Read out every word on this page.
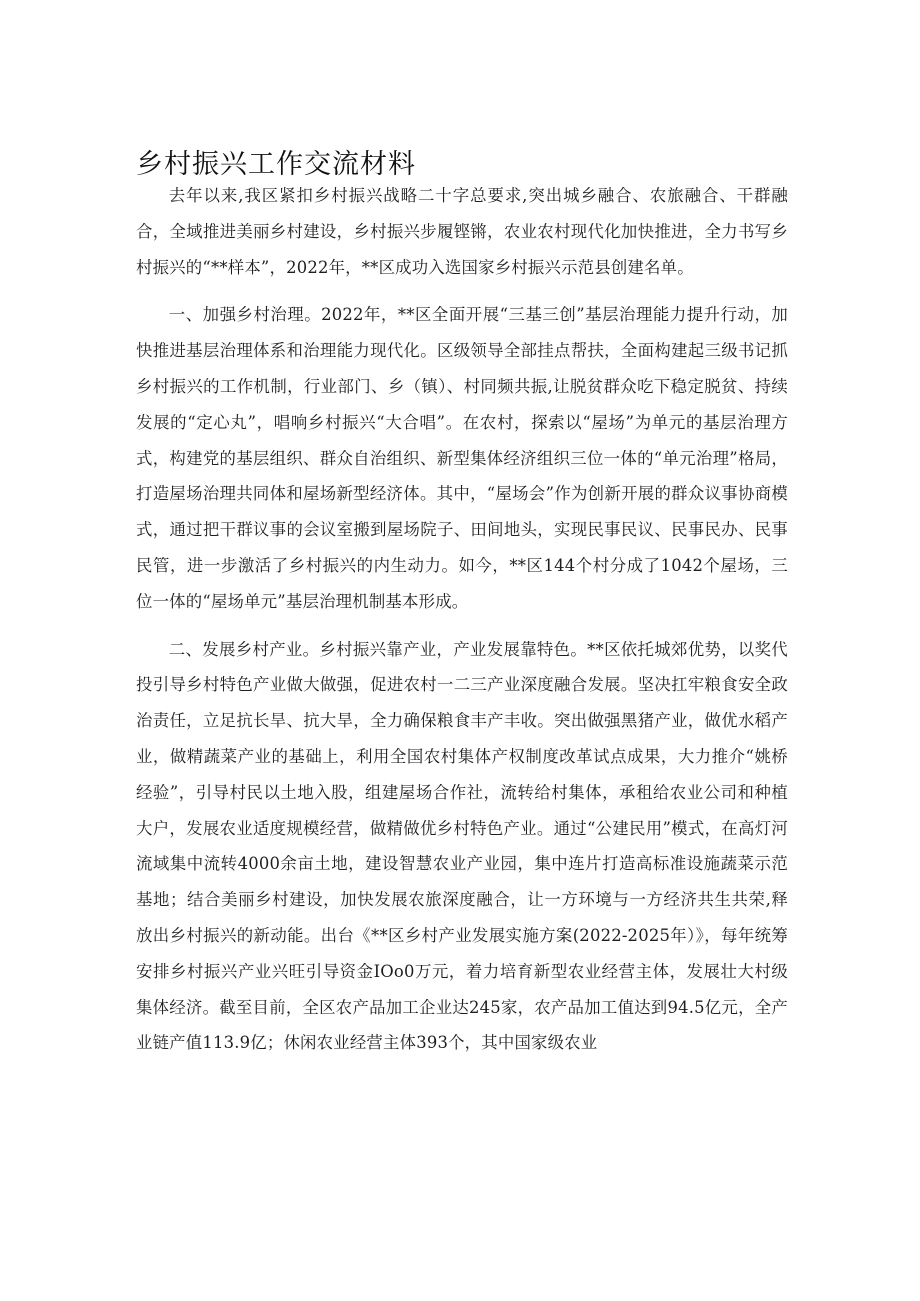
乡村振兴工作交流材料

去年以来,我区紧扣乡村振兴战略二十字总要求,突出城乡融合、农旅融合、干群融合，全域推进美丽乡村建设，乡村振兴步履铿锵，农业农村现代化加快推进，全力书写乡村振兴的“**样本”，2022年，**区成功入选国家乡村振兴示范县创建名单。

一、加强乡村治理。2022年，**区全面开展“三基三创”基层治理能力提升行动，加快推进基层治理体系和治理能力现代化。区级领导全部挂点帮扶，全面构建起三级书记抓乡村振兴的工作机制，行业部门、乡（镇）、村同频共振,让脱贫群众吃下稳定脱贫、持续发展的“定心丸”，唱响乡村振兴“大合唱”。在农村，探索以“屋场”为单元的基层治理方式，构建党的基层组织、群众自治组织、新型集体经济组织三位一体的“单元治理”格局，打造屋场治理共同体和屋场新型经济体。其中，“屋场会”作为创新开展的群众议事协商模式，通过把干群议事的会议室搬到屋场院子、田间地头，实现民事民议、民事民办、民事民管，进一步激活了乡村振兴的内生动力。如今，**区144个村分成了1042个屋场，三位一体的“屋场单元”基层治理机制基本形成。

二、发展乡村产业。乡村振兴靠产业，产业发展靠特色。**区依托城郊优势，以奖代投引导乡村特色产业做大做强，促进农村一二三产业深度融合发展。坚决扛牢粮食安全政治责任，立足抗长旱、抗大旱，全力确保粮食丰产丰收。突出做强黑猪产业，做优水稻产业，做精蔬菜产业的基础上，利用全国农村集体产权制度改革试点成果，大力推介“姚桥经验”，引导村民以土地入股，组建屋场合作社，流转给村集体，承租给农业公司和种植大户，发展农业适度规模经营，做精做优乡村特色产业。通过“公建民用”模式，在高灯河流域集中流转4000余亩土地，建设智慧农业产业园，集中连片打造高标准设施蔬菜示范基地；结合美丽乡村建设，加快发展农旅深度融合，让一方环境与一方经济共生共荣,释放出乡村振兴的新动能。出台《**区乡村产业发展实施方案(2022-2025年）》，每年统筹安排乡村振兴产业兴旺引导资金IOo0万元，着力培育新型农业经营主体，发展壮大村级集体经济。截至目前，全区农产品加工企业达245家，农产品加工值达到94.5亿元，全产业链产值113.9亿；休闲农业经营主体393个，其中国家级农业
